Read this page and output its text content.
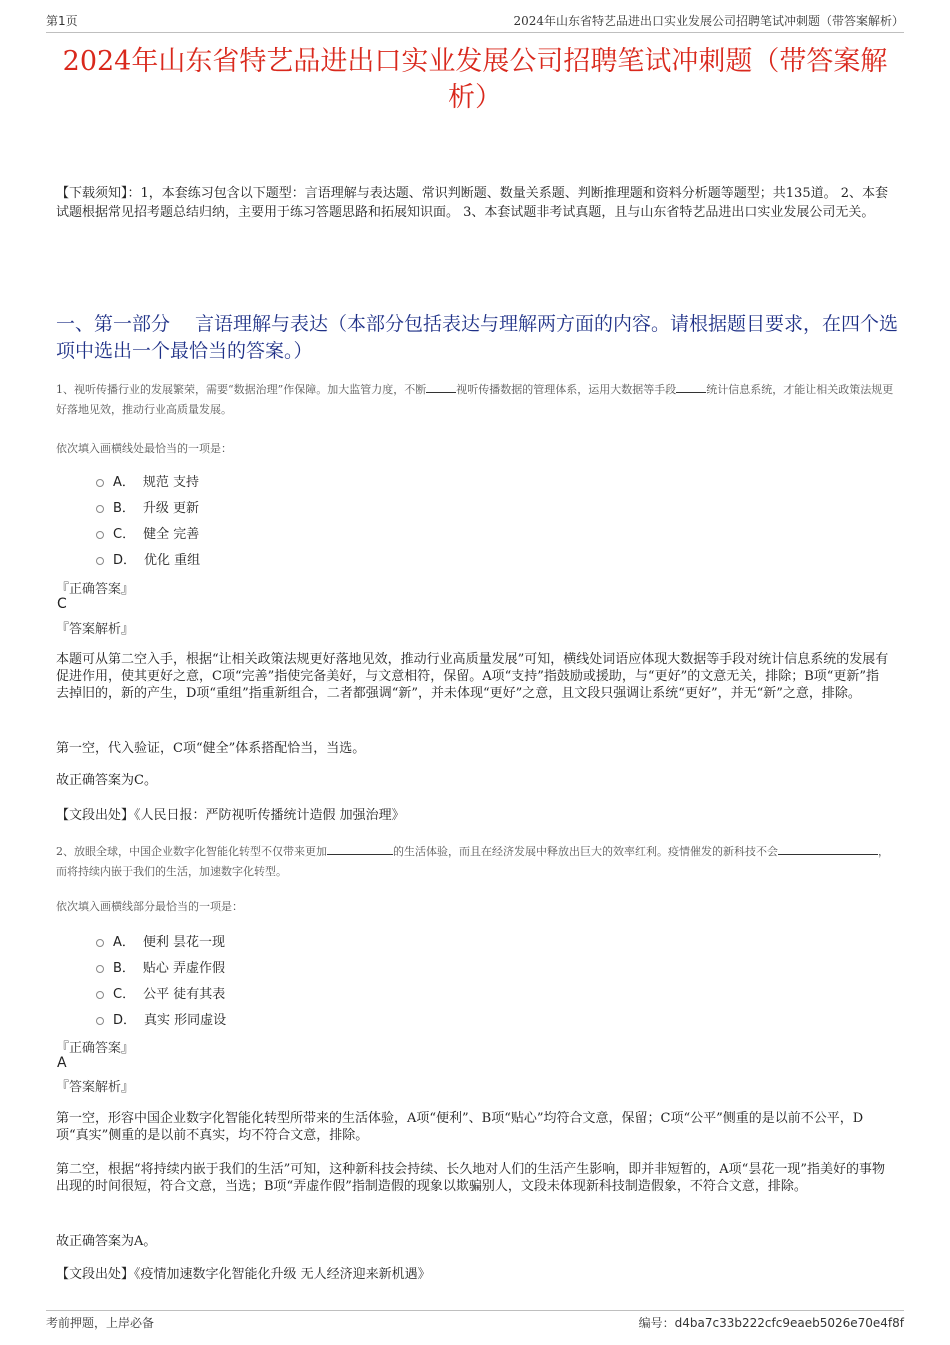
第1页	2024年山东省特艺品进出口实业发展公司招聘笔试冲刺题（带答案解析）
2024年山东省特艺品进出口实业发展公司招聘笔试冲刺题（带答案解析）
【下载须知】：1，本套练习包含以下题型：言语理解与表达题、常识判断题、数量关系题、判断推理题和资料分析题等题型；共135道。 2、本套试题根据常见招考题总结归纳，主要用于练习答题思路和拓展知识面。 3、本套试题非考试真题，且与山东省特艺品进出口实业发展公司无关。
一、第一部分　 言语理解与表达（本部分包括表达与理解两方面的内容。请根据题目要求，在四个选项中选出一个最恰当的答案。）
1、视听传播行业的发展繁荣，需要“数据治理”作保障。加大监管力度，不断	视听传播数据的管理体系，运用大数据等手段	统计信息系统，才能让相关政策法规更好落地见效，推动行业高质量发展。
依次填入画横线处最恰当的一项是：
A． 规范 支持
B． 升级 更新
C． 健全 完善
D． 优化 重组
『正确答案』
C
『答案解析』
本题可从第二空入手，根据“让相关政策法规更好落地见效，推动行业高质量发展”可知，横线处词语应体现大数据等手段对统计信息系统的发展有促进作用，使其更好之意，C项“完善”指使完备美好，与文意相符，保留。A项“支持”指鼓励或援助，与“更好”的文意无关，排除；B项“更新”指去掉旧的，新的产生，D项“重组”指重新组合，二者都强调“新”，并未体现“更好”之意，且文段只强调让系统“更好”，并无“新”之意，排除。
第一空，代入验证，C项“健全”体系搭配恰当，当选。
故正确答案为C。
【文段出处】《人民日报：严防视听传播统计造假 加强治理》
2、放眼全球，中国企业数字化智能化转型不仅带来更加	的生活体验，而且在经济发展中释放出巨大的效率红利。疫情催发的新科技不会	，而将持续内嵌于我们的生活，加速数字化转型。
依次填入画横线部分最恰当的一项是：
A． 便利 昙花一现
B． 贴心 弄虚作假
C． 公平 徒有其表
D． 真实 形同虚设
『正确答案』
A
『答案解析』
第一空，形容中国企业数字化智能化转型所带来的生活体验，A项“便利”、B项“贴心”均符合文意，保留；C项“公平”侧重的是以前不公平，D项“真实”侧重的是以前不真实，均不符合文意，排除。
第二空，根据“将持续内嵌于我们的生活”可知，这种新科技会持续、长久地对人们的生活产生影响，即并非短暂的，A项“昙花一现”指美好的事物出现的时间很短，符合文意，当选；B项“弄虚作假”指制造假的现象以欺骗别人，文段未体现新科技制造假象，不符合文意，排除。
故正确答案为A。
【文段出处】《疫情加速数字化智能化升级 无人经济迎来新机遇》
考前押题，上岸必备	编号：d4ba7c33b222cfc9eaeb5026e70e4f8f
